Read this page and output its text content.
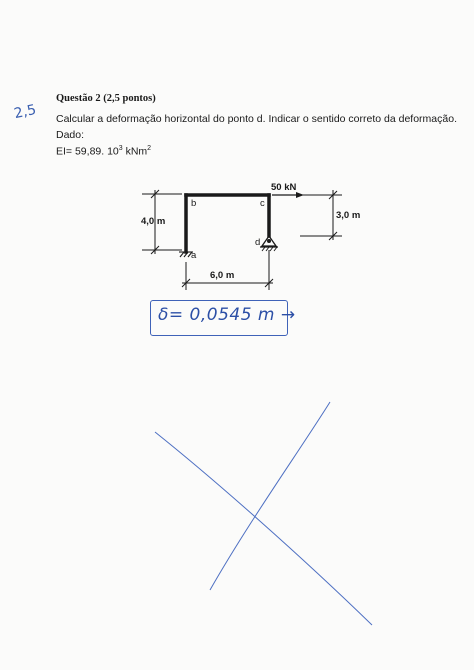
2,5
Questão 2 (2,5 pontos)
Calcular a deformação horizontal do ponto d. Indicar o sentido correto da deformação.
Dado:
EI= 59,89. $10^3$ kNm$^2$
50 kN
4,0 m
3,0 m
6,0 m
b	c
a
d
δ= 0,0545 m →
